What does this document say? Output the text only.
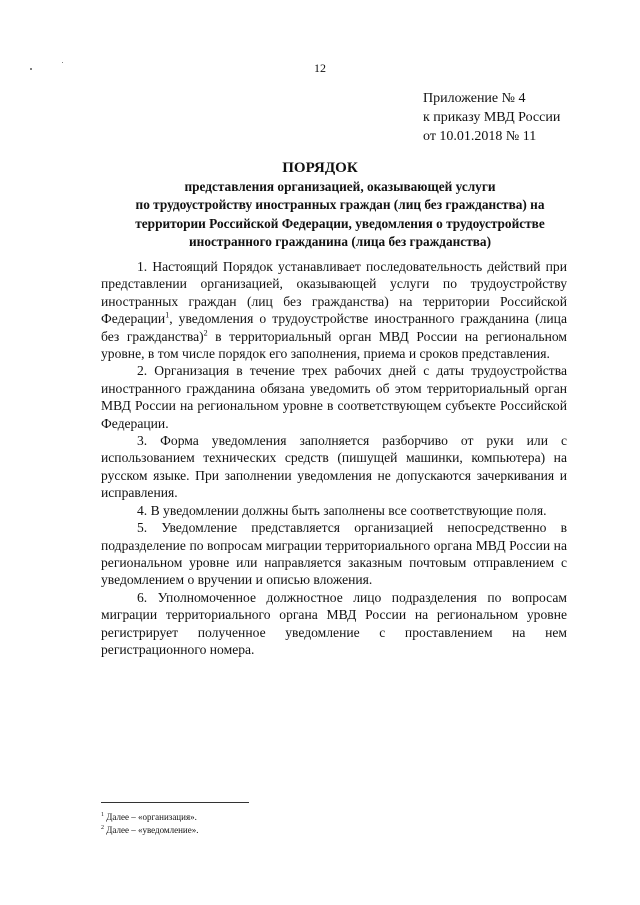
12
Приложение № 4
к приказу МВД России
от 10.01.2018 № 11
ПОРЯДОК
представления организацией, оказывающей услуги
по трудоустройству иностранных граждан (лиц без гражданства) на
территории Российской Федерации, уведомления о трудоустройстве
иностранного гражданина (лица без гражданства)

1. Настоящий Порядок устанавливает последовательность действий при представлении организацией, оказывающей услуги по трудоустройству иностранных граждан (лиц без гражданства) на территории Российской Федерации$^1$, уведомления о трудоустройстве иностранного гражданина (лица без гражданства)$^2$ в территориальный орган МВД России на региональном уровне, в том числе порядок его заполнения, приема и сроков представления.

2. Организация в течение трех рабочих дней с даты трудоустройства иностранного гражданина обязана уведомить об этом территориальный орган МВД России на региональном уровне в соответствующем субъекте Российской Федерации.

3. Форма уведомления заполняется разборчиво от руки или с использованием технических средств (пишущей машинки, компьютера) на русском языке. При заполнении уведомления не допускаются зачеркивания и исправления.

4. В уведомлении должны быть заполнены все соответствующие поля.

5. Уведомление представляется организацией непосредственно в подразделение по вопросам миграции территориального органа МВД России на региональном уровне или направляется заказным почтовым отправлением с уведомлением о вручении и описью вложения.

6. Уполномоченное должностное лицо подразделения по вопросам миграции территориального органа МВД России на региональном уровне регистрирует полученное уведомление с проставлением на нем регистрационного номера.

$^1$ Далее – «организация».
$^2$ Далее – «уведомление».
